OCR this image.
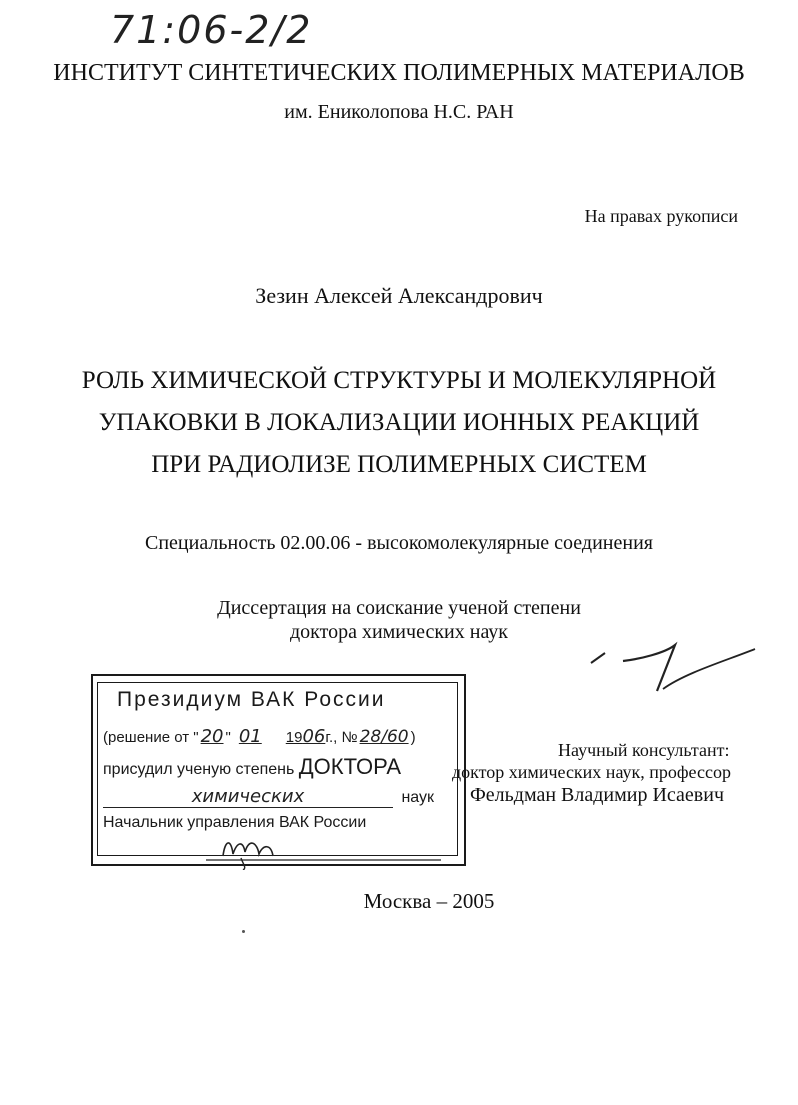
71:06-2/2
ИНСТИТУТ СИНТЕТИЧЕСКИХ ПОЛИМЕРНЫХ МАТЕРИАЛОВ
им. Ениколопова Н.С. РАН
На правах рукописи
Зезин Алексей Александрович
РОЛЬ ХИМИЧЕСКОЙ СТРУКТУРЫ И МОЛЕКУЛЯРНОЙ
УПАКОВКИ В ЛОКАЛИЗАЦИИ ИОННЫХ РЕАКЦИЙ
ПРИ РАДИОЛИЗЕ ПОЛИМЕРНЫХ СИСТЕМ
Специальность 02.00.06 - высокомолекулярные соединения
Диссертация на соискание ученой степени
доктора химических наук
Научный консультант:
доктор химических наук, профессор
Фельдман Владимир Исаевич
Президиум ВАК России
(решение от " 20 " 01 1906г., № 28/60 )
присудил ученую степень ДОКТОРА
химических	наук
Начальник управления ВАК России
Москва – 2005
